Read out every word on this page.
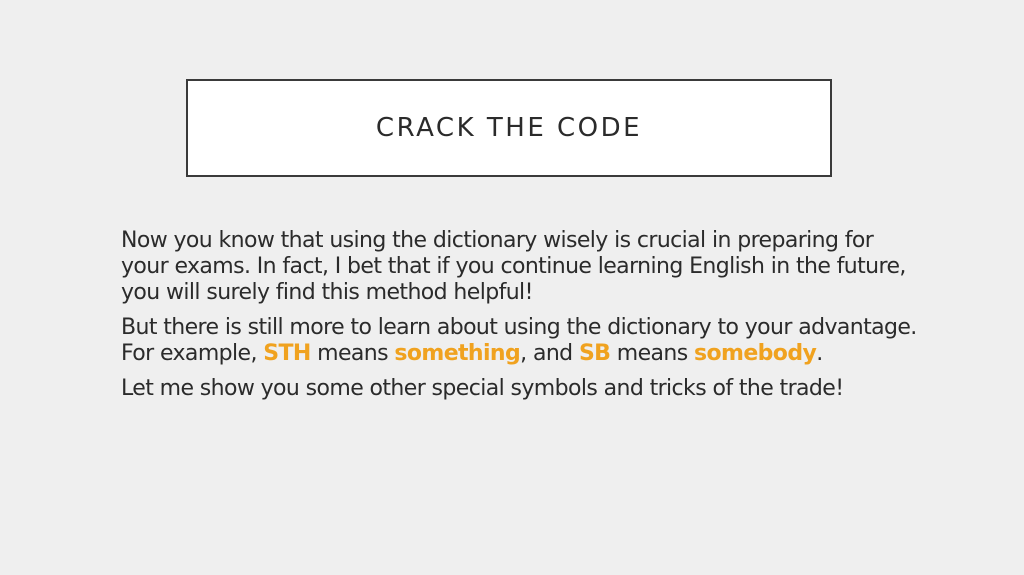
CRACK THE CODE

Now you know that using the dictionary wisely is crucial in preparing for your exams. In fact, I bet that if you continue learning English in the future, you will surely find this method helpful!

But there is still more to learn about using the dictionary to your advantage. For example, STH means something, and SB means somebody.

Let me show you some other special symbols and tricks of the trade!
